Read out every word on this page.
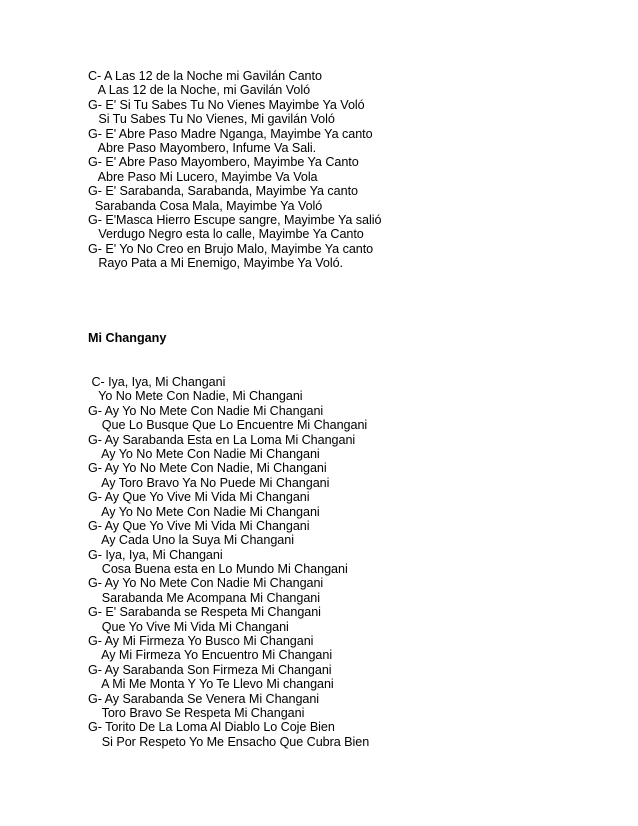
C- A Las 12 de la Noche mi Gavilán Canto
A Las 12 de la Noche, mi Gavilán Voló
G- E' Si Tu Sabes Tu No Vienes Mayimbe Ya Voló
Si Tu Sabes Tu No Vienes, Mi gavilán Voló
G- E' Abre Paso Madre Nganga, Mayimbe Ya canto
Abre Paso Mayombero, Infume Va Sali.
G- E' Abre Paso Mayombero, Mayimbe Ya Canto
Abre Paso Mi Lucero, Mayimbe Va Vola
G- E' Sarabanda, Sarabanda, Mayimbe Ya canto
Sarabanda Cosa Mala, Mayimbe Ya Voló
G- E'Masca Hierro Escupe sangre, Mayimbe Ya salió
Verdugo Negro esta lo calle, Mayimbe Ya Canto
G- E' Yo No Creo en Brujo Malo, Mayimbe Ya canto
Rayo Pata a Mi Enemigo, Mayimbe Ya Voló.
Mi Changany
C- Iya, Iya, Mi Changani
Yo No Mete Con Nadie, Mi Changani
G- Ay Yo No Mete Con Nadie Mi Changani
Que Lo Busque Que Lo Encuentre Mi Changani
G- Ay Sarabanda Esta en La Loma Mi Changani
Ay Yo No Mete Con Nadie Mi Changani
G- Ay Yo No Mete Con Nadie, Mi Changani
Ay Toro Bravo Ya No Puede Mi Changani
G- Ay Que Yo Vive Mi Vida Mi Changani
Ay Yo No Mete Con Nadie Mi Changani
G- Ay Que Yo Vive Mi Vida Mi Changani
Ay Cada Uno la Suya Mi Changani
G- Iya, Iya, Mi Changani
Cosa Buena esta en Lo Mundo Mi Changani
G- Ay Yo No Mete Con Nadie Mi Changani
Sarabanda Me Acompana Mi Changani
G- E' Sarabanda se Respeta Mi Changani
Que Yo Vive Mi Vida Mi Changani
G- Ay Mi Firmeza Yo Busco Mi Changani
Ay Mi Firmeza Yo Encuentro Mi Changani
G- Ay Sarabanda Son Firmeza Mi Changani
A Mi Me Monta Y Yo Te Llevo Mi changani
G- Ay Sarabanda Se Venera Mi Changani
Toro Bravo Se Respeta Mi Changani
G- Torito De La Loma Al Diablo Lo Coje Bien
Si Por Respeto Yo Me Ensacho Que Cubra Bien
